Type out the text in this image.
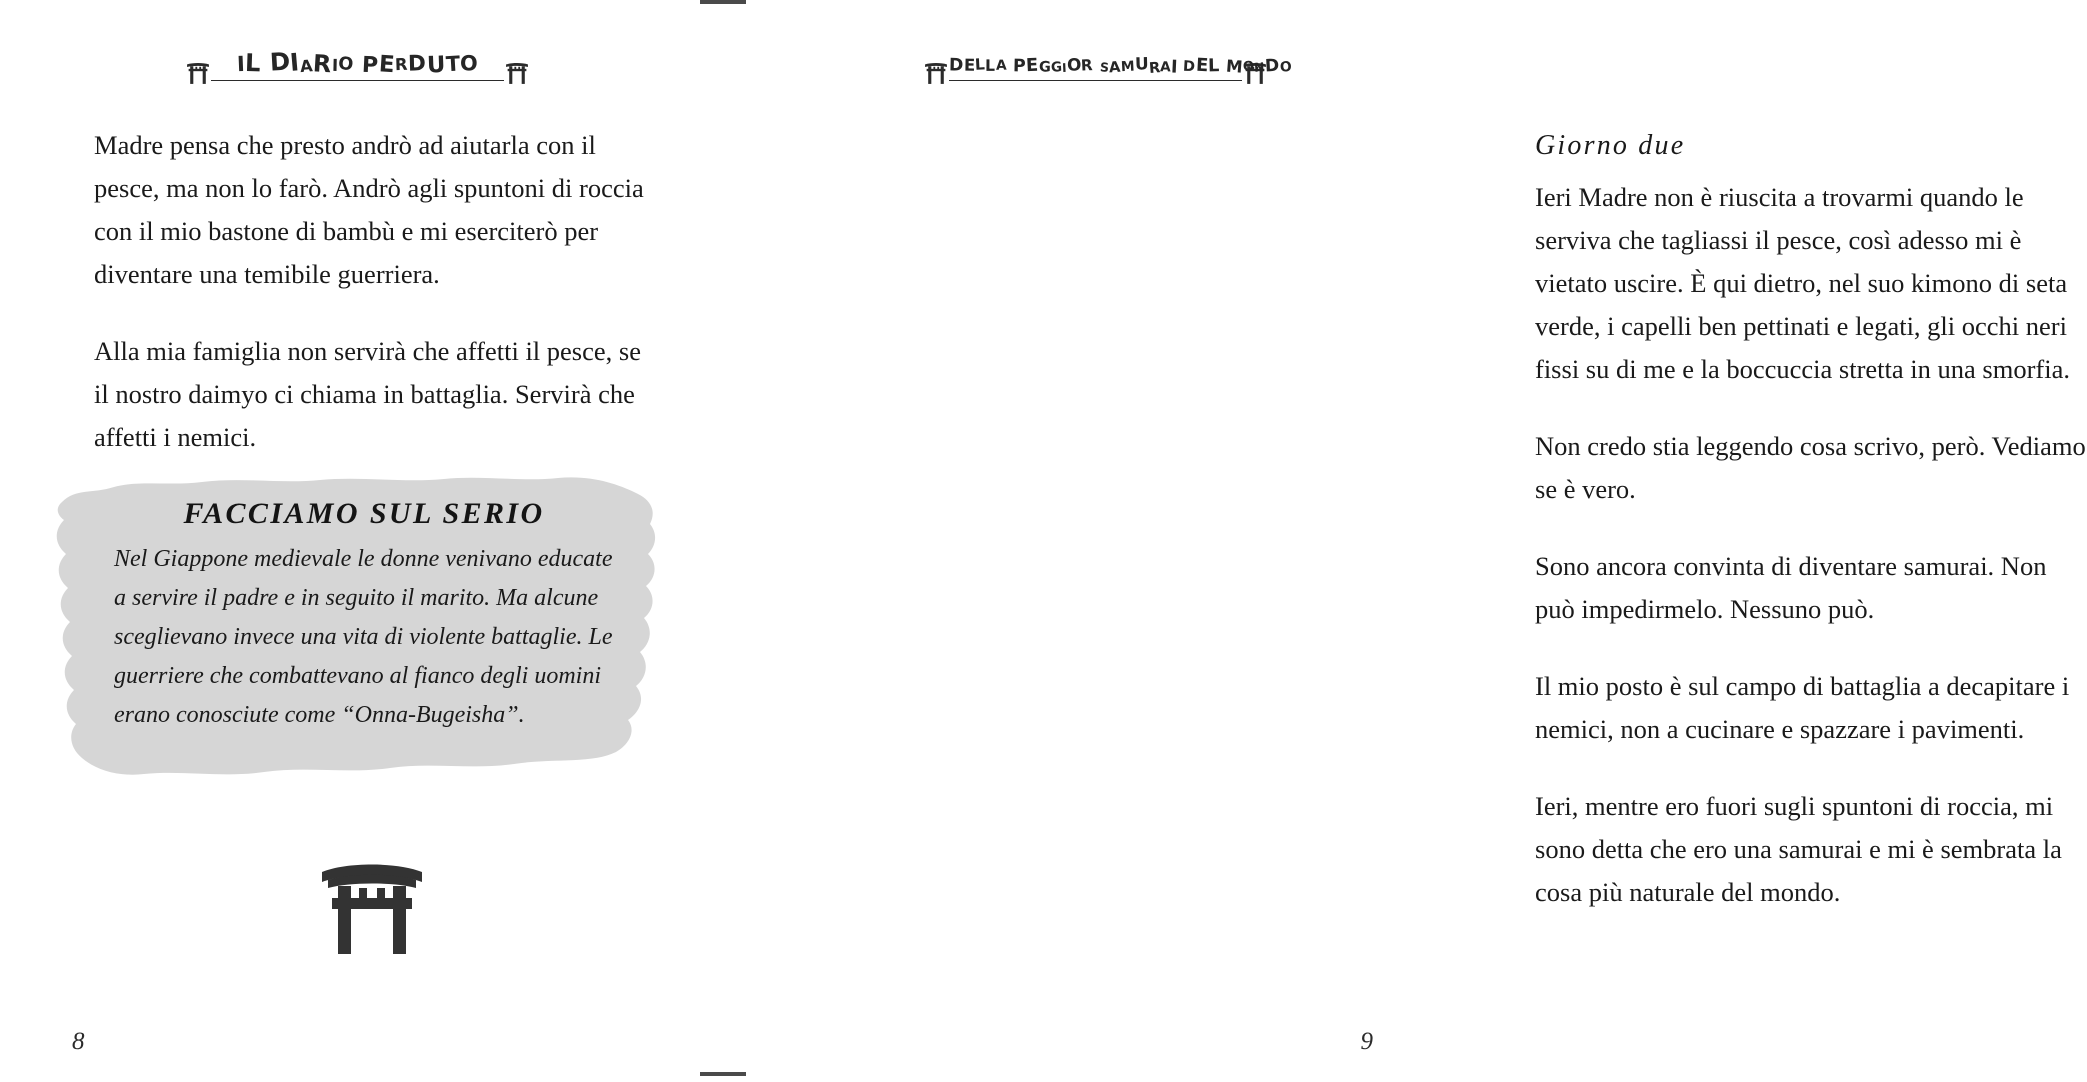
IL DIARIO PERDUTO

Madre pensa che presto andrò ad aiutarla con il pesce, ma non lo farò. Andrò agli spuntoni di roccia con il mio bastone di bambù e mi eserciterò per diventare una temibile guerriera.

Alla mia famiglia non servirà che affetti il pesce, se il nostro daimyo ci chiama in battaglia. Servirà che affetti i nemici.

FACCIAMO SUL SERIO

Nel Giappone medievale le donne venivano educate a servire il padre e in seguito il marito. Ma alcune sceglievano invece una vita di violente battaglie. Le guerriere che combattevano al fianco degli uomini erano conosciute come “Onna-Bugeisha”.

8
DELLA PEGGIOR SAMURAI DEL MONDO

Giorno due

Ieri Madre non è riuscita a trovarmi quando le serviva che tagliassi il pesce, così adesso mi è vietato uscire. È qui dietro, nel suo kimono di seta verde, i capelli ben pettinati e legati, gli occhi neri fissi su di me e la boccuccia stretta in una smorfia.

Non credo stia leggendo cosa scrivo, però. Vediamo se è vero.

Sono ancora convinta di diventare samurai. Non può impedirmelo. Nessuno può.

Il mio posto è sul campo di battaglia a decapitare i nemici, non a cucinare e spazzare i pavimenti.

Ieri, mentre ero fuori sugli spuntoni di roccia, mi sono detta che ero una samurai e mi è sembrata la cosa più naturale del mondo.

9
